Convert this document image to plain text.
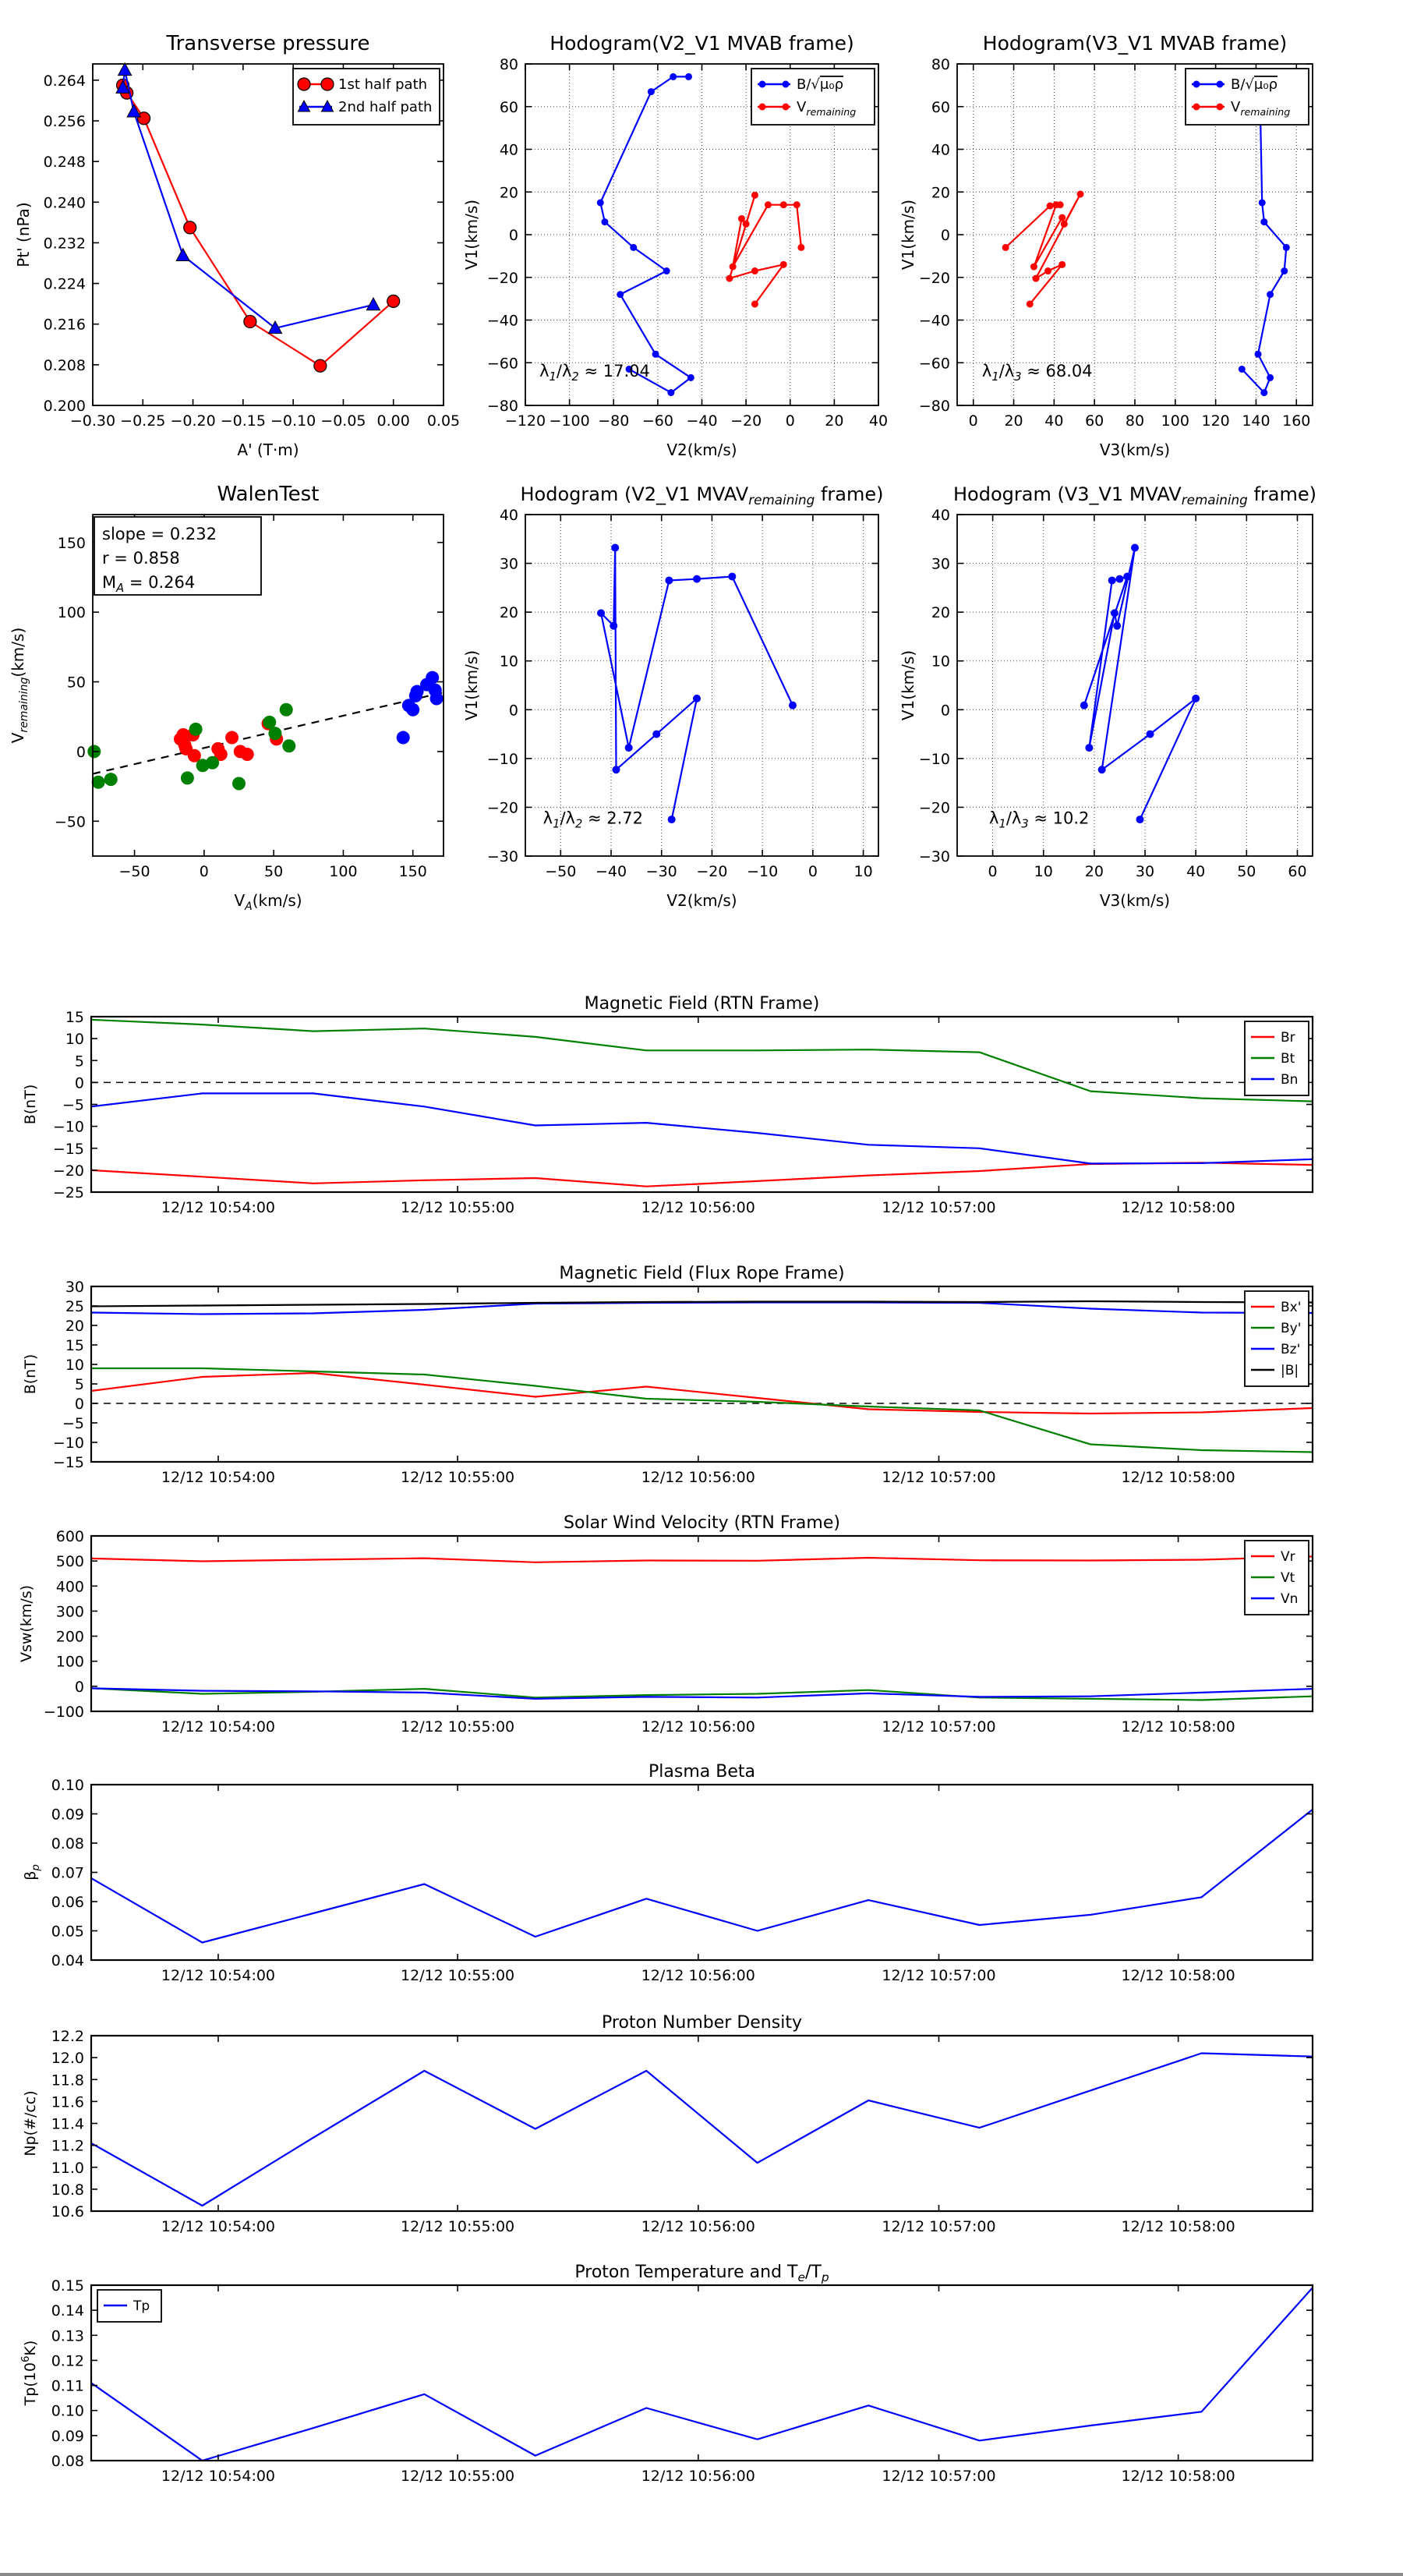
−0.30 −0.25 −0.20 −0.15 −0.10 −0.05 0.00 0.05
0.200
0.208
0.216
0.224
0.232
0.240
0.248
0.256
0.264
Transverse pressure
A' (T·m)
Pt' (nPa)
1st half path
2nd half path
−120 −100 −80 −60 −40 −20 0 20 40
−80
−60
−40
−20
0
20
40
60
80
Hodogram(V2_V1 MVAB frame)
V2(km/s)
V1(km/s)
$\lambda_1/\lambda_2 \approx 17.04$
B/√μ₀ρ
$V_{remaining}$
0 20 40 60 80 100 120 140 160
−80
−60
−40
−20
0
20
40
60
80
Hodogram(V3_V1 MVAB frame)
V3(km/s)
V1(km/s)
$\lambda_1/\lambda_3 \approx 68.04$
B/√μ₀ρ
$V_{remaining}$
−50	0	50	100	150
−50
0
50
100
150
WalenTest
$V_A(km/s)$
$V_{remaining}(km/s)$
slope = 0.232
r = 0.858
$M_A = 0.264$
−50 −40 −30 −20 −10 0 10
−30
−20
−10
0
10
20
30
40
Hodogram (V2_V1 $MVAV_{remaining}$ frame)
V2(km/s)
V1(km/s)
$\lambda_1/\lambda_2 \approx 2.72$
0 10 20 30 40 50 60
−30
−20
−10
0
10
20
30
40
Hodogram (V3_V1 $MVAV_{remaining}$ frame)
V3(km/s)
V1(km/s)
$\lambda_1/\lambda_3 \approx 10.2$
12/12 10:54:00	12/12 10:55:00	12/12 10:56:00	12/12 10:57:00	12/12 10:58:00
−25
−20
−15
−10
−5
0
5
10
15
Magnetic Field (RTN Frame)
B(nT)
Br
Bt
Bn
12/12 10:54:00	12/12 10:55:00	12/12 10:56:00	12/12 10:57:00	12/12 10:58:00
−15
−10
−5
0
5
10
15
20
25
30
Magnetic Field (Flux Rope Frame)
B(nT)
Bx'
By'
Bz'
|B|
12/12 10:54:00	12/12 10:55:00	12/12 10:56:00	12/12 10:57:00	12/12 10:58:00
−100
0
100
200
300
400
500
600
Solar Wind Velocity (RTN Frame)
Vsw(km/s)
Vr
Vt
Vn
12/12 10:54:00	12/12 10:55:00	12/12 10:56:00	12/12 10:57:00	12/12 10:58:00
0.04
0.05
0.06
0.07
0.08
0.09
0.10
Plasma Beta
$\beta_p$
12/12 10:54:00	12/12 10:55:00	12/12 10:56:00	12/12 10:57:00	12/12 10:58:00
10.6
10.8
11.0
11.2
11.4
11.6
11.8
12.0
12.2
Proton Number Density
Np(#/cc)
12/12 10:54:00	12/12 10:55:00	12/12 10:56:00	12/12 10:57:00	12/12 10:58:00
0.08
0.09
0.10
0.11
0.12
0.13
0.14
0.15
Proton Temperature and $T_e/T_p$
$Tp(10^6K)$
Tp
